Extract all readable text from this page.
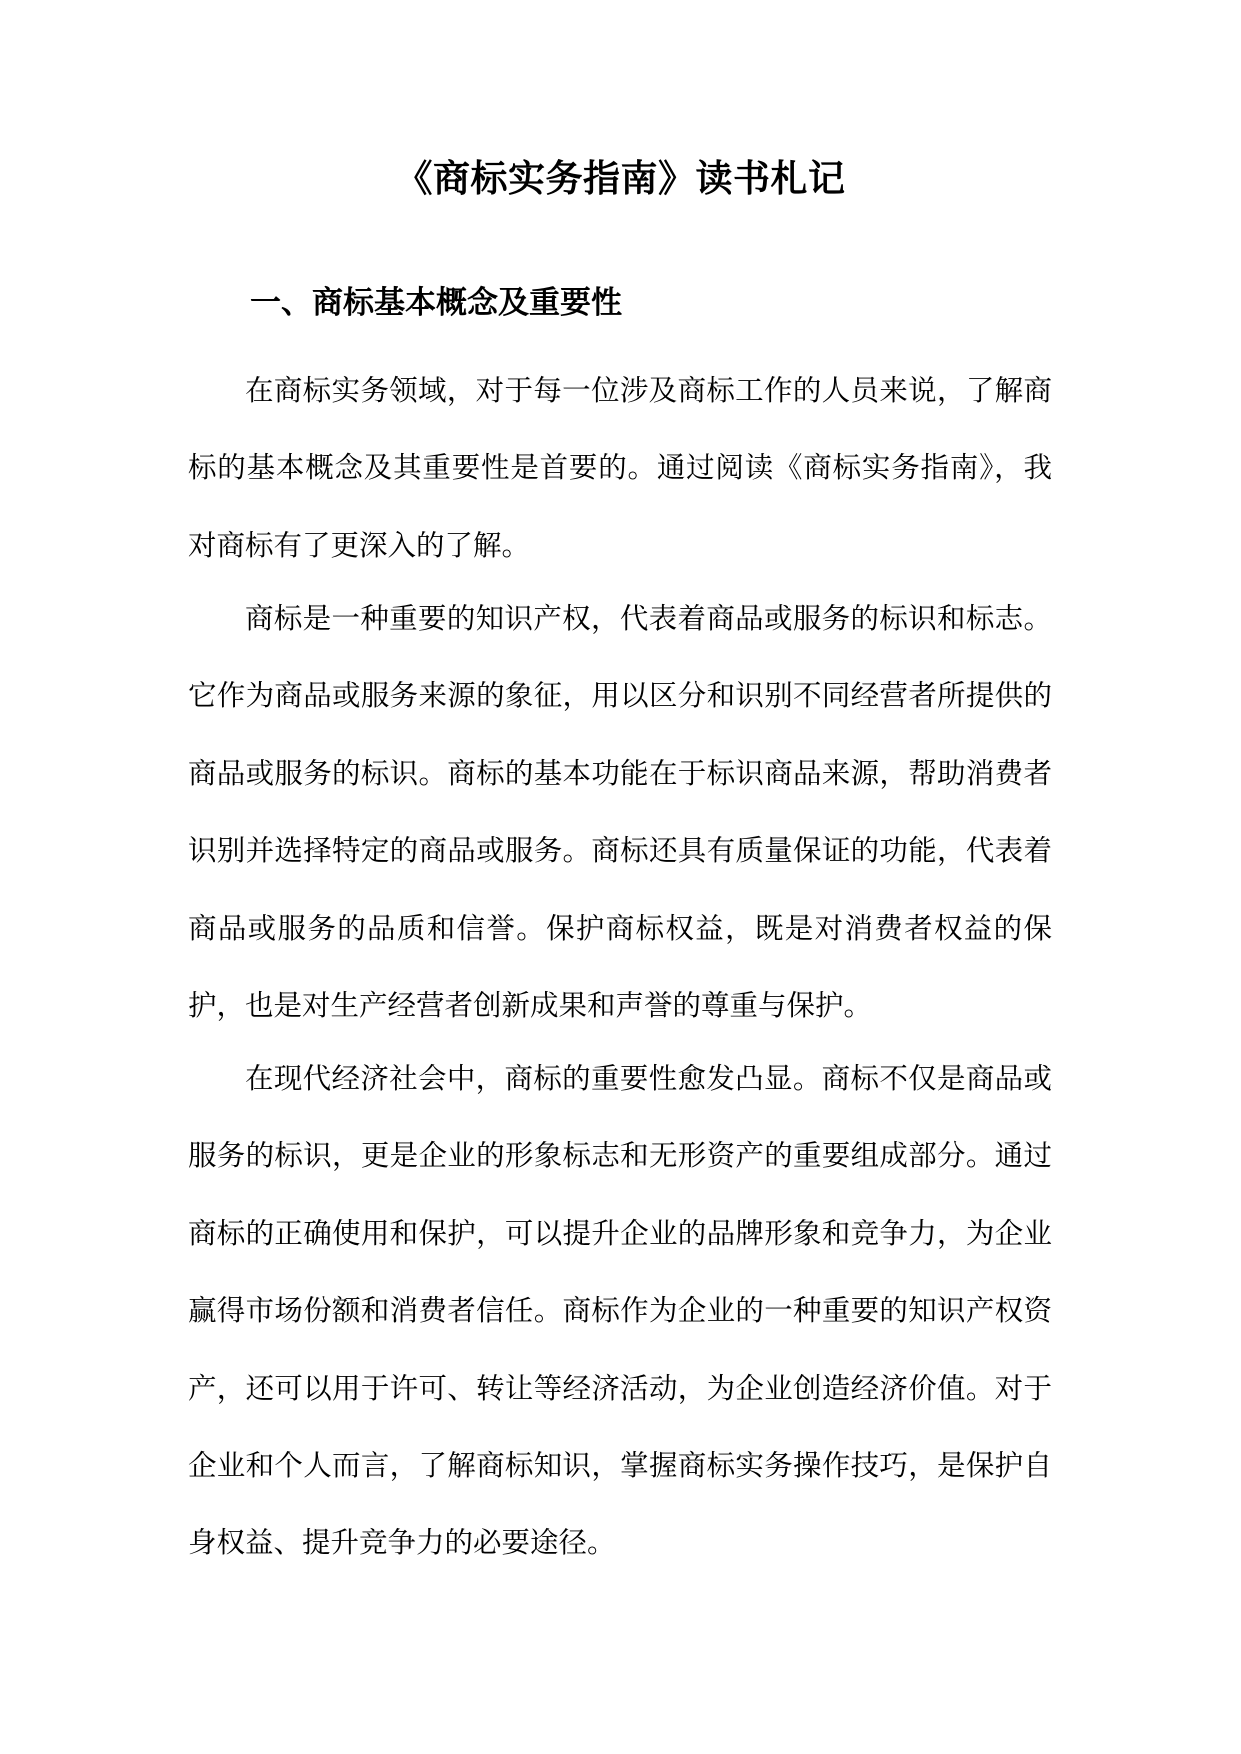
《商标实务指南》读书札记
一、商标基本概念及重要性

在商标实务领域，对于每一位涉及商标工作的人员来说，了解商标的基本概念及其重要性是首要的。通过阅读《商标实务指南》，我对商标有了更深入的了解。

商标是一种重要的知识产权，代表着商品或服务的标识和标志。它作为商品或服务来源的象征，用以区分和识别不同经营者所提供的商品或服务的标识。商标的基本功能在于标识商品来源，帮助消费者识别并选择特定的商品或服务。商标还具有质量保证的功能，代表着商品或服务的品质和信誉。保护商标权益，既是对消费者权益的保护，也是对生产经营者创新成果和声誉的尊重与保护。

在现代经济社会中，商标的重要性愈发凸显。商标不仅是商品或服务的标识，更是企业的形象标志和无形资产的重要组成部分。通过商标的正确使用和保护，可以提升企业的品牌形象和竞争力，为企业赢得市场份额和消费者信任。商标作为企业的一种重要的知识产权资产，还可以用于许可、转让等经济活动，为企业创造经济价值。对于企业和个人而言，了解商标知识，掌握商标实务操作技巧，是保护自身权益、提升竞争力的必要途径。
